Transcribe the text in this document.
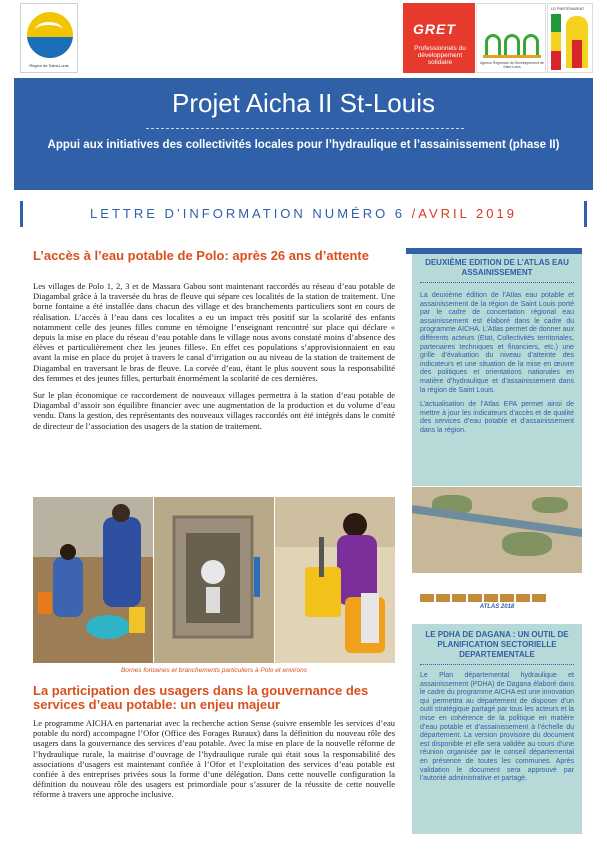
Région de Saint-Louis
GRET
Professionnels du développement solidaire	Agence Régionale de Développement de Saint-Louis
LE PARTENARIAT
Projet Aicha II St-Louis
Appui aux initiatives des collectivités locales pour l’hydraulique et l’assainissement (phase II)
LETTRE D’INFORMATION NUMÉRO 6 /AVRIL 2019
L’accès à l’eau potable de Polo: après 26 ans d’attente

Les villages de Polo 1, 2, 3 et de Massara Gabou sont maintenant raccordés au réseau d’eau potable de Diagambal grâce à la traversée du bras de fleuve qui sépare ces localités de la station de traitement. Une borne fontaine a été installée dans chacun des village et des branchements particuliers sont en cours de réalisation. L’accès à l’eau dans ces localites a eu un impact très positif sur la scolarité des enfants notamment celle des jeunes filles comme en témoigne l’enseignant rencontré sur place qui déclare « depuis la mise en place du réseau d’eau potable dans le village nous avons constaté moins d’absence des élèves et particulièrement chez les jeunes filles». En effet ces populations s’approvisionnaient en eau avant la mise en place du projet à travers le canal d’irrigation ou au niveau de la station de traitement de Diagambal en traversant le bras de fleuve. La corvée d’eau, étant le plus souvent sous la responsabilité des femmes et des jeunes filles, perturbait énormément la scolarité de ces dernières.

Sur le plan économique ce raccordement de nouveaux villages permettra à la station d’eau potable de Diagambal d’assoir son équilibre financier avec une augmentation de la production et du volume d’eau vendu. Dans la gestion, des représentants des nouveaux villages raccordés ont été intégrés dans le comité de directeur de l’association des usagers de la station de traitement.

Bornes fontaines et branchements particuliers à Polo et environs
La participation des usagers dans la gouvernance des services d’eau potable: un enjeu majeur

Le programme AICHA en partenariat avec la recherche action Sense (suivre ensemble les services d’eau potable du nord) accompagne l’Ofor (Office des Forages Ruraux) dans la définition du nouveau rôle des usagers dans la gouvernance des services d’eau potable. Avec la mise en place de la nouvelle réforme de l’hydraulique rurale, la maitrise d’ouvrage de l’hydraulique rurale qui était sous la responsabilité des associations d’usagers est maintenant confiée à l’Ofor et l’exploitation des services d’eau potable est confiée à des entreprises privées sous la forme d’une délégation. Dans cette nouvelle configuration la définition du nouveau rôle des usagers est primordiale pour s’assurer de la réussite de cette nouvelle réforme à travers une approche inclusive.

DEUXIÈME EDITION DE L’ATLAS EAU ASSAINISSEMENT

La deuxième édition de l’Atlas eau potable et assainissement de la région de Saint Louis porté par le cadre de concertation régional eau assainissement est élaboré dans le cadre du programme AICHA. L’Atlas permet de donner aux différents acteurs (Etat, Collectivités territoriales, partenaires techniques et financiers, etc.) une grille d’évaluation du niveau d’atteinte des indicateurs et une situation de la mise en œuvre des politiques et orientations nationales en matière d’hydraulique et d’assainissement dans la région de Saint Louis.

L’actualisation de l’Atlas EPA permet ainsi de mettre à jour les indicateurs d’accès et de qualité des services d’eau potable et d’assainissement dans la région.

ATLAS 2018
LE PDHA DE DAGANA : UN OUTIL DE PLANIFICATION SECTORIELLE DEPARTEMENTALE

Le Plan départemental hydraulique et assainissement (PDHA) de Dagana élaboré dans le cadre du programme AICHA est une innovation qui permettra au département de disposer d’un outil stratégique partagé par tous les acteurs et la mise en cohérence de la politique en matière d’eau potable et d’assainissement à l’échelle du département. La version provisoire du document est disponible et elle sera validée au cours d’une réunion organisée par le conseil départemental en présence de toutes les communes. Après validation le document sera approuvé par l’autorité administrative et partagé.
